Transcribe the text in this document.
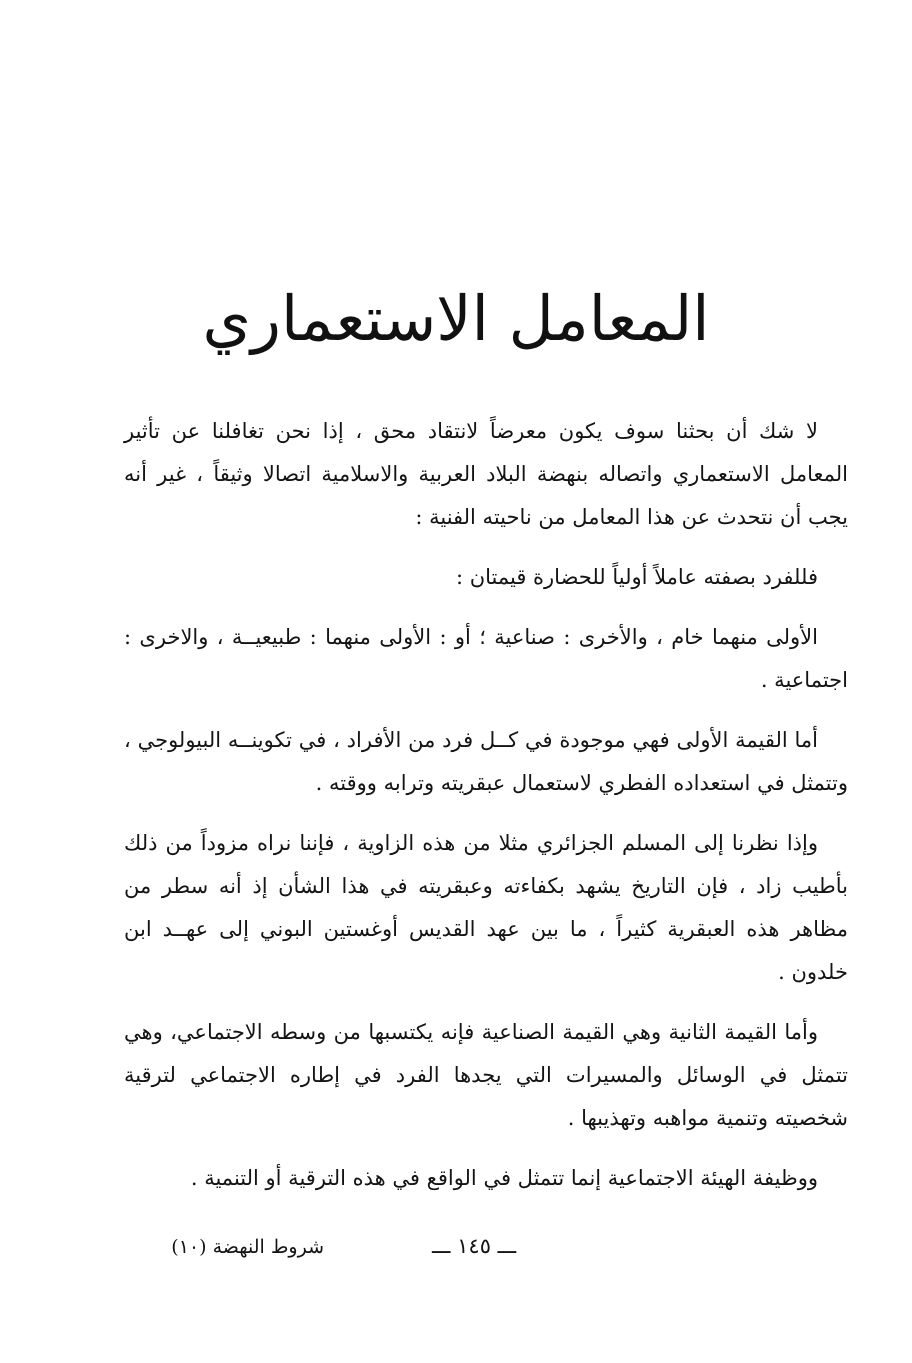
المعامل الاستعماري

لا شك أن بحثنا سوف يكون معرضاً لانتقاد محق ، إذا نحن تغافلنا عن تأثير المعامل الاستعماري واتصاله بنهضة البلاد العربية والاسلامية اتصالا وثيقاً ، غير أنه يجب أن نتحدث عن هذا المعامل من ناحيته الفنية :

فللفرد بصفته عاملاً أولياً للحضارة قيمتان :

الأولى منهما خام ، والأخرى : صناعية ؛ أو : الأولى منهما : طبيعيــة ، والاخرى : اجتماعية .

أما القيمة الأولى فهي موجودة في كــل فرد من الأفراد ، في تكوينــه البيولوجي ، وتتمثل في استعداده الفطري لاستعمال عبقريته وترابه ووقته .

وإذا نظرنا إلى المسلم الجزائري مثلا من هذه الزاوية ، فإننا نراه مزوداً من ذلك بأطيب زاد ، فإن التاريخ يشهد بكفاءته وعبقريته في هذا الشأن إذ أنه سطر من مظاهر هذه العبقرية كثيراً ، ما بين عهد القديس أوغستين البوني إلى عهــد ابن خلدون .

وأما القيمة الثانية وهي القيمة الصناعية فإنه يكتسبها من وسطه الاجتماعي، وهي تتمثل في الوسائل والمسيرات التي يجدها الفرد في إطاره الاجتماعي لترقية شخصيته وتنمية مواهبه وتهذيبها .

ووظيفة الهيئة الاجتماعية إنما تتمثل في الواقع في هذه الترقية أو التنمية .

ـــ ١٤٥ ـــ
شروط النهضة (١٠)
